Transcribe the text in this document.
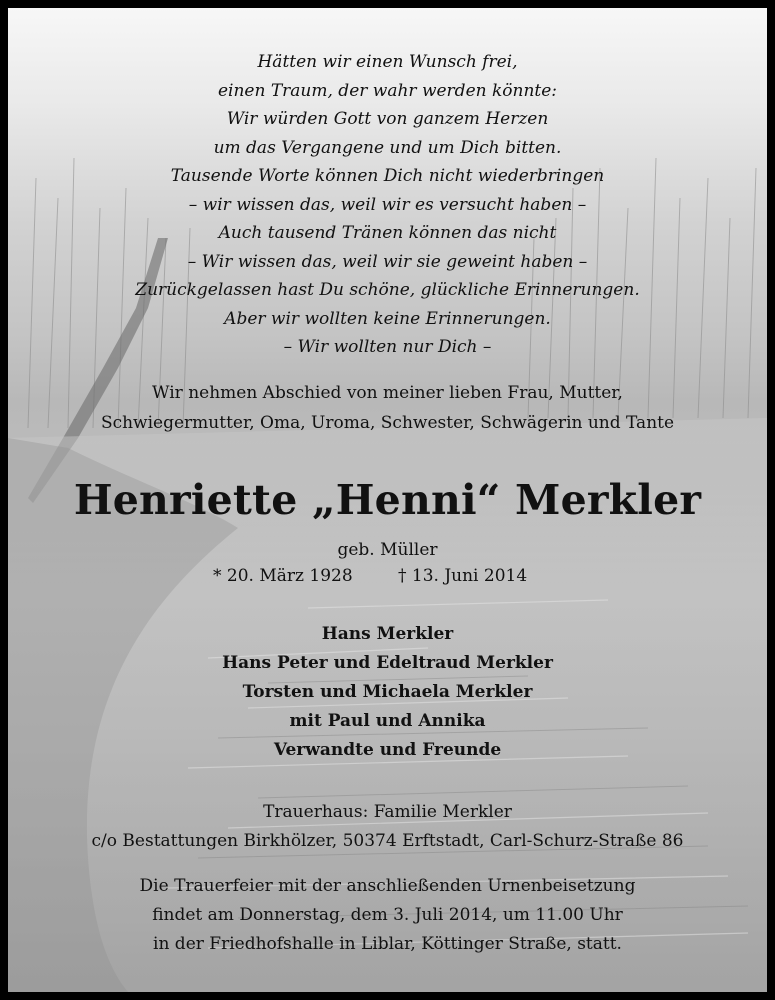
Hätten wir einen Wunsch frei,
einen Traum, der wahr werden könnte:
Wir würden Gott von ganzem Herzen
um das Vergangene und um Dich bitten.
Tausende Worte können Dich nicht wiederbringen
– wir wissen das, weil wir es versucht haben –
Auch tausend Tränen können das nicht
– Wir wissen das, weil wir sie geweint haben –
Zurückgelassen hast Du schöne, glückliche Erinnerungen.
Aber wir wollten keine Erinnerungen.
– Wir wollten nur Dich –
Wir nehmen Abschied von meiner lieben Frau, Mutter,
Schwiegermutter, Oma, Uroma, Schwester, Schwägerin und Tante
Henriette „Henni“ Merkler
geb. Müller
* 20. März 1928	† 13. Juni 2014
Hans Merkler
Hans Peter und Edeltraud Merkler
Torsten und Michaela Merkler
mit Paul und Annika
Verwandte und Freunde
Trauerhaus: Familie Merkler
c/o Bestattungen Birkhölzer, 50374 Erftstadt, Carl-Schurz-Straße 86
Die Trauerfeier mit der anschließenden Urnenbeisetzung
findet am Donnerstag, dem 3. Juli 2014, um 11.00 Uhr
in der Friedhofshalle in Liblar, Köttinger Straße, statt.
